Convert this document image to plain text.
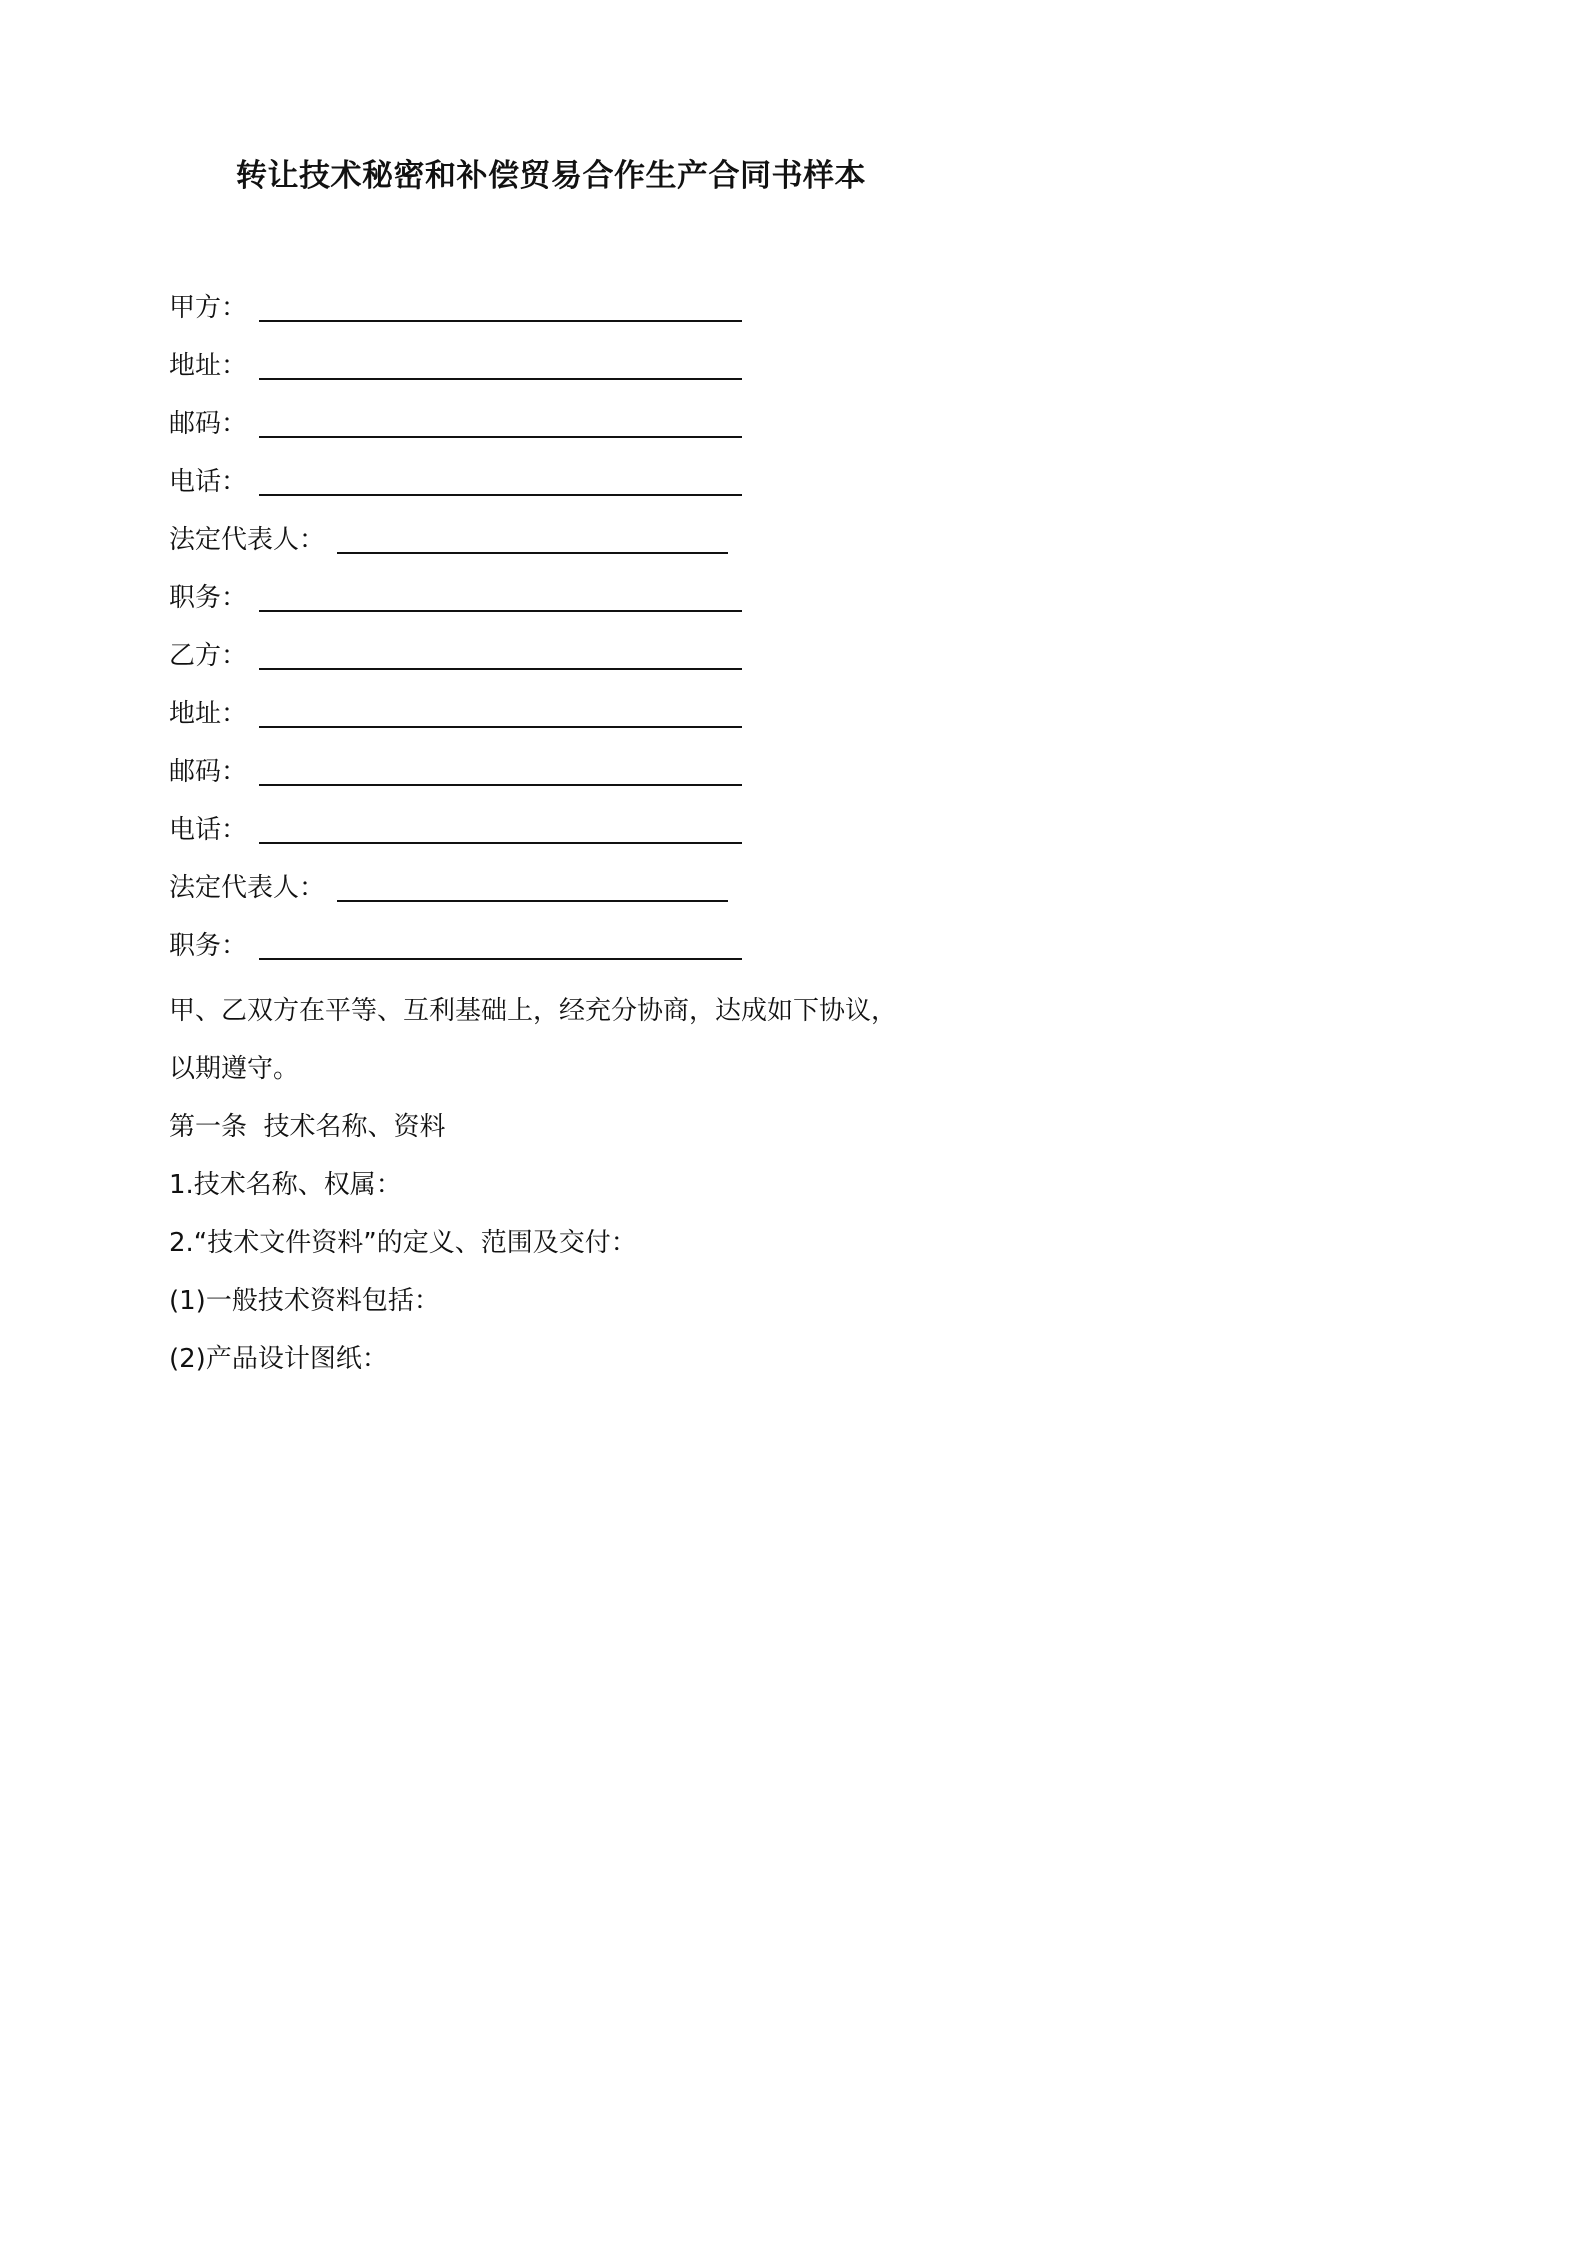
转让技术秘密和补偿贸易合作生产合同书样本
甲方：
地址：
邮码：
电话：
法定代表人：
职务：
乙方：
地址：
邮码：
电话：
法定代表人：
职务：
甲、乙双方在平等、互利基础上，经充分协商，达成如下协议，
以期遵守。
第一条  技术名称、资料
1.技术名称、权属：
2.“技术文件资料”的定义、范围及交付：
(1)一般技术资料包括：
(2)产品设计图纸：
